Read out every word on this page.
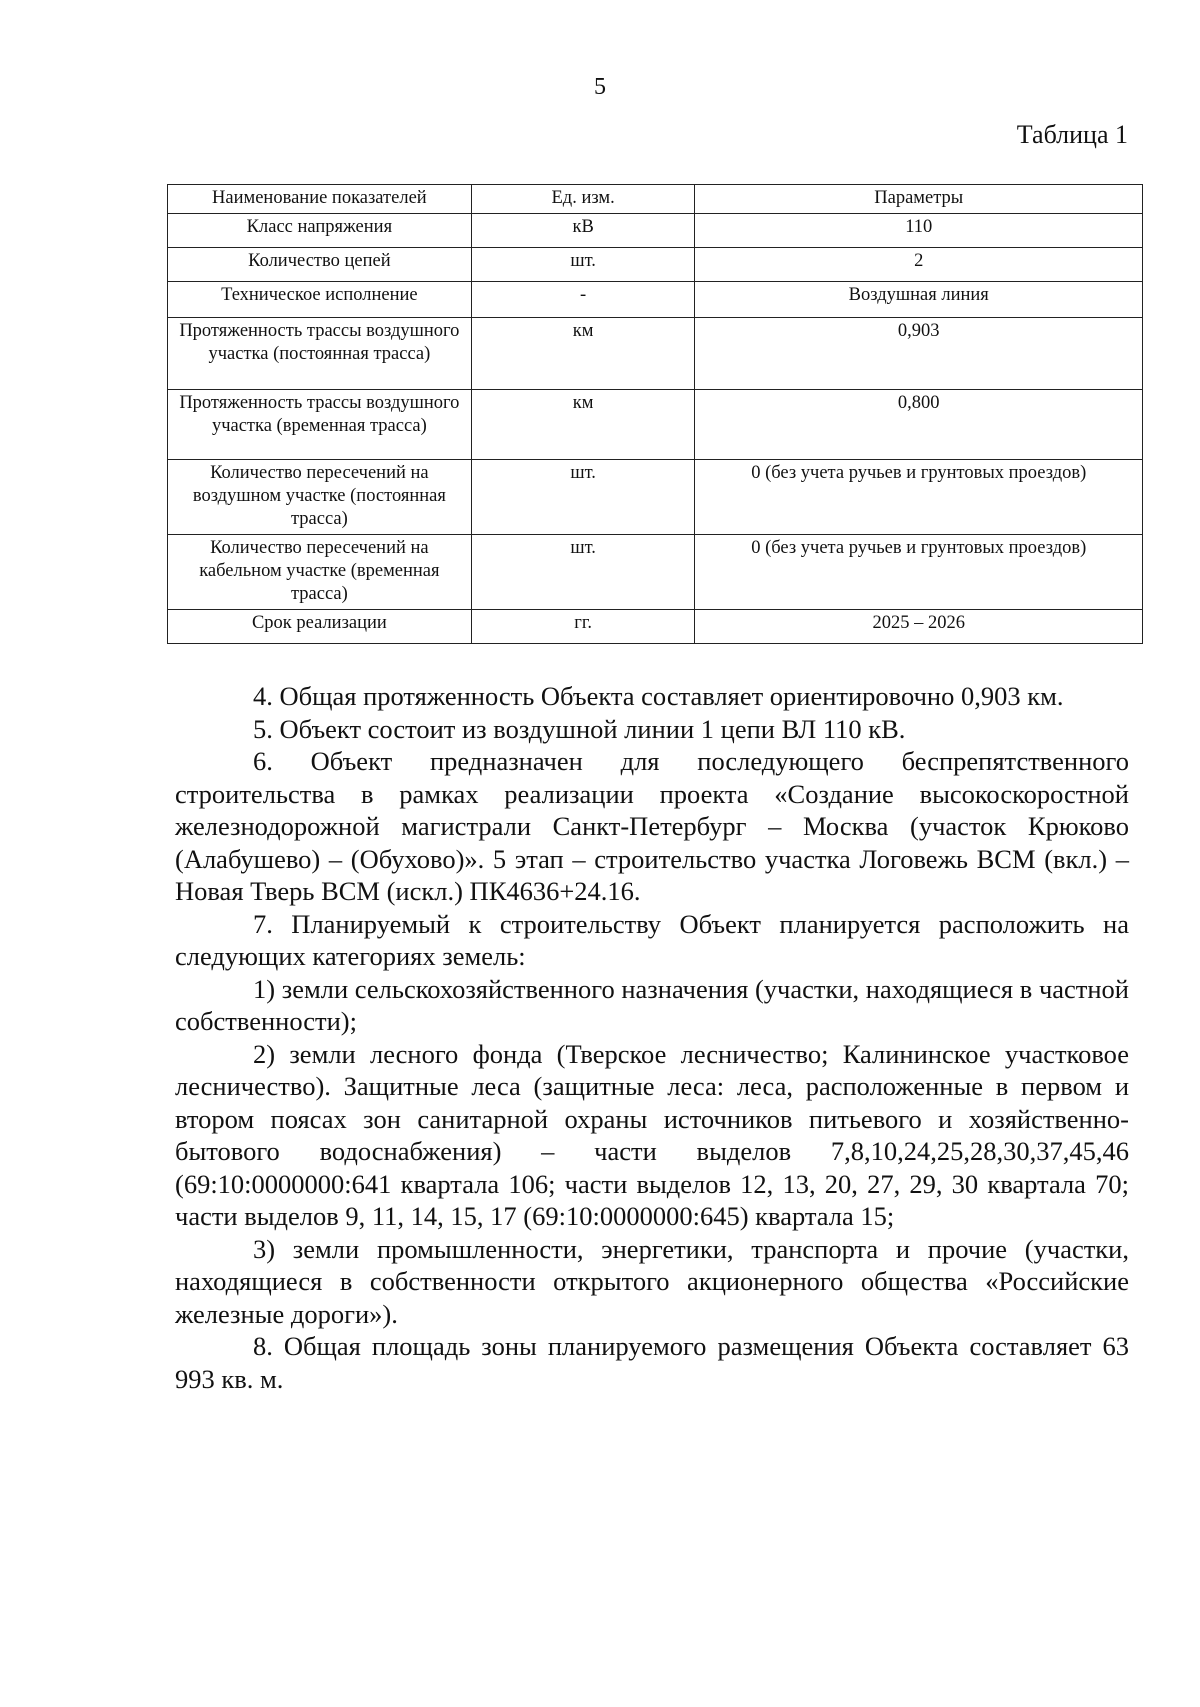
5
Таблица 1
Наименование показателей	Ед. изм.	Параметры
Класс напряжения	кВ	110
Количество цепей	шт.	2
Техническое исполнение	-	Воздушная линия
Протяженность трассы воздушного участка (постоянная трасса)	км	0,903
Протяженность трассы воздушного участка (временная трасса)	км	0,800
Количество пересечений на воздушном участке (постоянная трасса)	шт.	0 (без учета ручьев и грунтовых проездов)
Количество пересечений на кабельном участке (временная трасса)	шт.	0 (без учета ручьев и грунтовых проездов)
Срок реализации	гг.	2025 – 2026

4. Общая протяженность Объекта составляет ориентировочно 0,903 км.

5. Объект состоит из воздушной линии 1 цепи ВЛ 110 кВ.

6. Объект предназначен для последующего беспрепятственного строительства в рамках реализации проекта «Создание высокоскоростной железнодорожной магистрали Санкт-Петербург – Москва (участок Крюково (Алабушево) – (Обухово)». 5 этап – строительство участка Логовежь ВСМ (вкл.) – Новая Тверь ВСМ (искл.) ПК4636+24.16.

7. Планируемый к строительству Объект планируется расположить на следующих категориях земель:

1) земли сельскохозяйственного назначения (участки, находящиеся в частной собственности);

2) земли лесного фонда (Тверское лесничество; Калининское участковое лесничество). Защитные леса (защитные леса: леса, расположенные в первом и втором поясах зон санитарной охраны источников питьевого и хозяйственно-бытового водоснабжения) – части выделов 7,8,10,24,25,28,30,37,45,46 (69:10:0000000:641 квартала 106; части выделов 12, 13, 20, 27, 29, 30 квартала 70; части выделов 9, 11, 14, 15, 17 (69:10:0000000:645) квартала 15;

3) земли промышленности, энергетики, транспорта и прочие (участки, находящиеся в собственности открытого акционерного общества «Российские железные дороги»).

8. Общая площадь зоны планируемого размещения Объекта составляет 63 993 кв. м.
